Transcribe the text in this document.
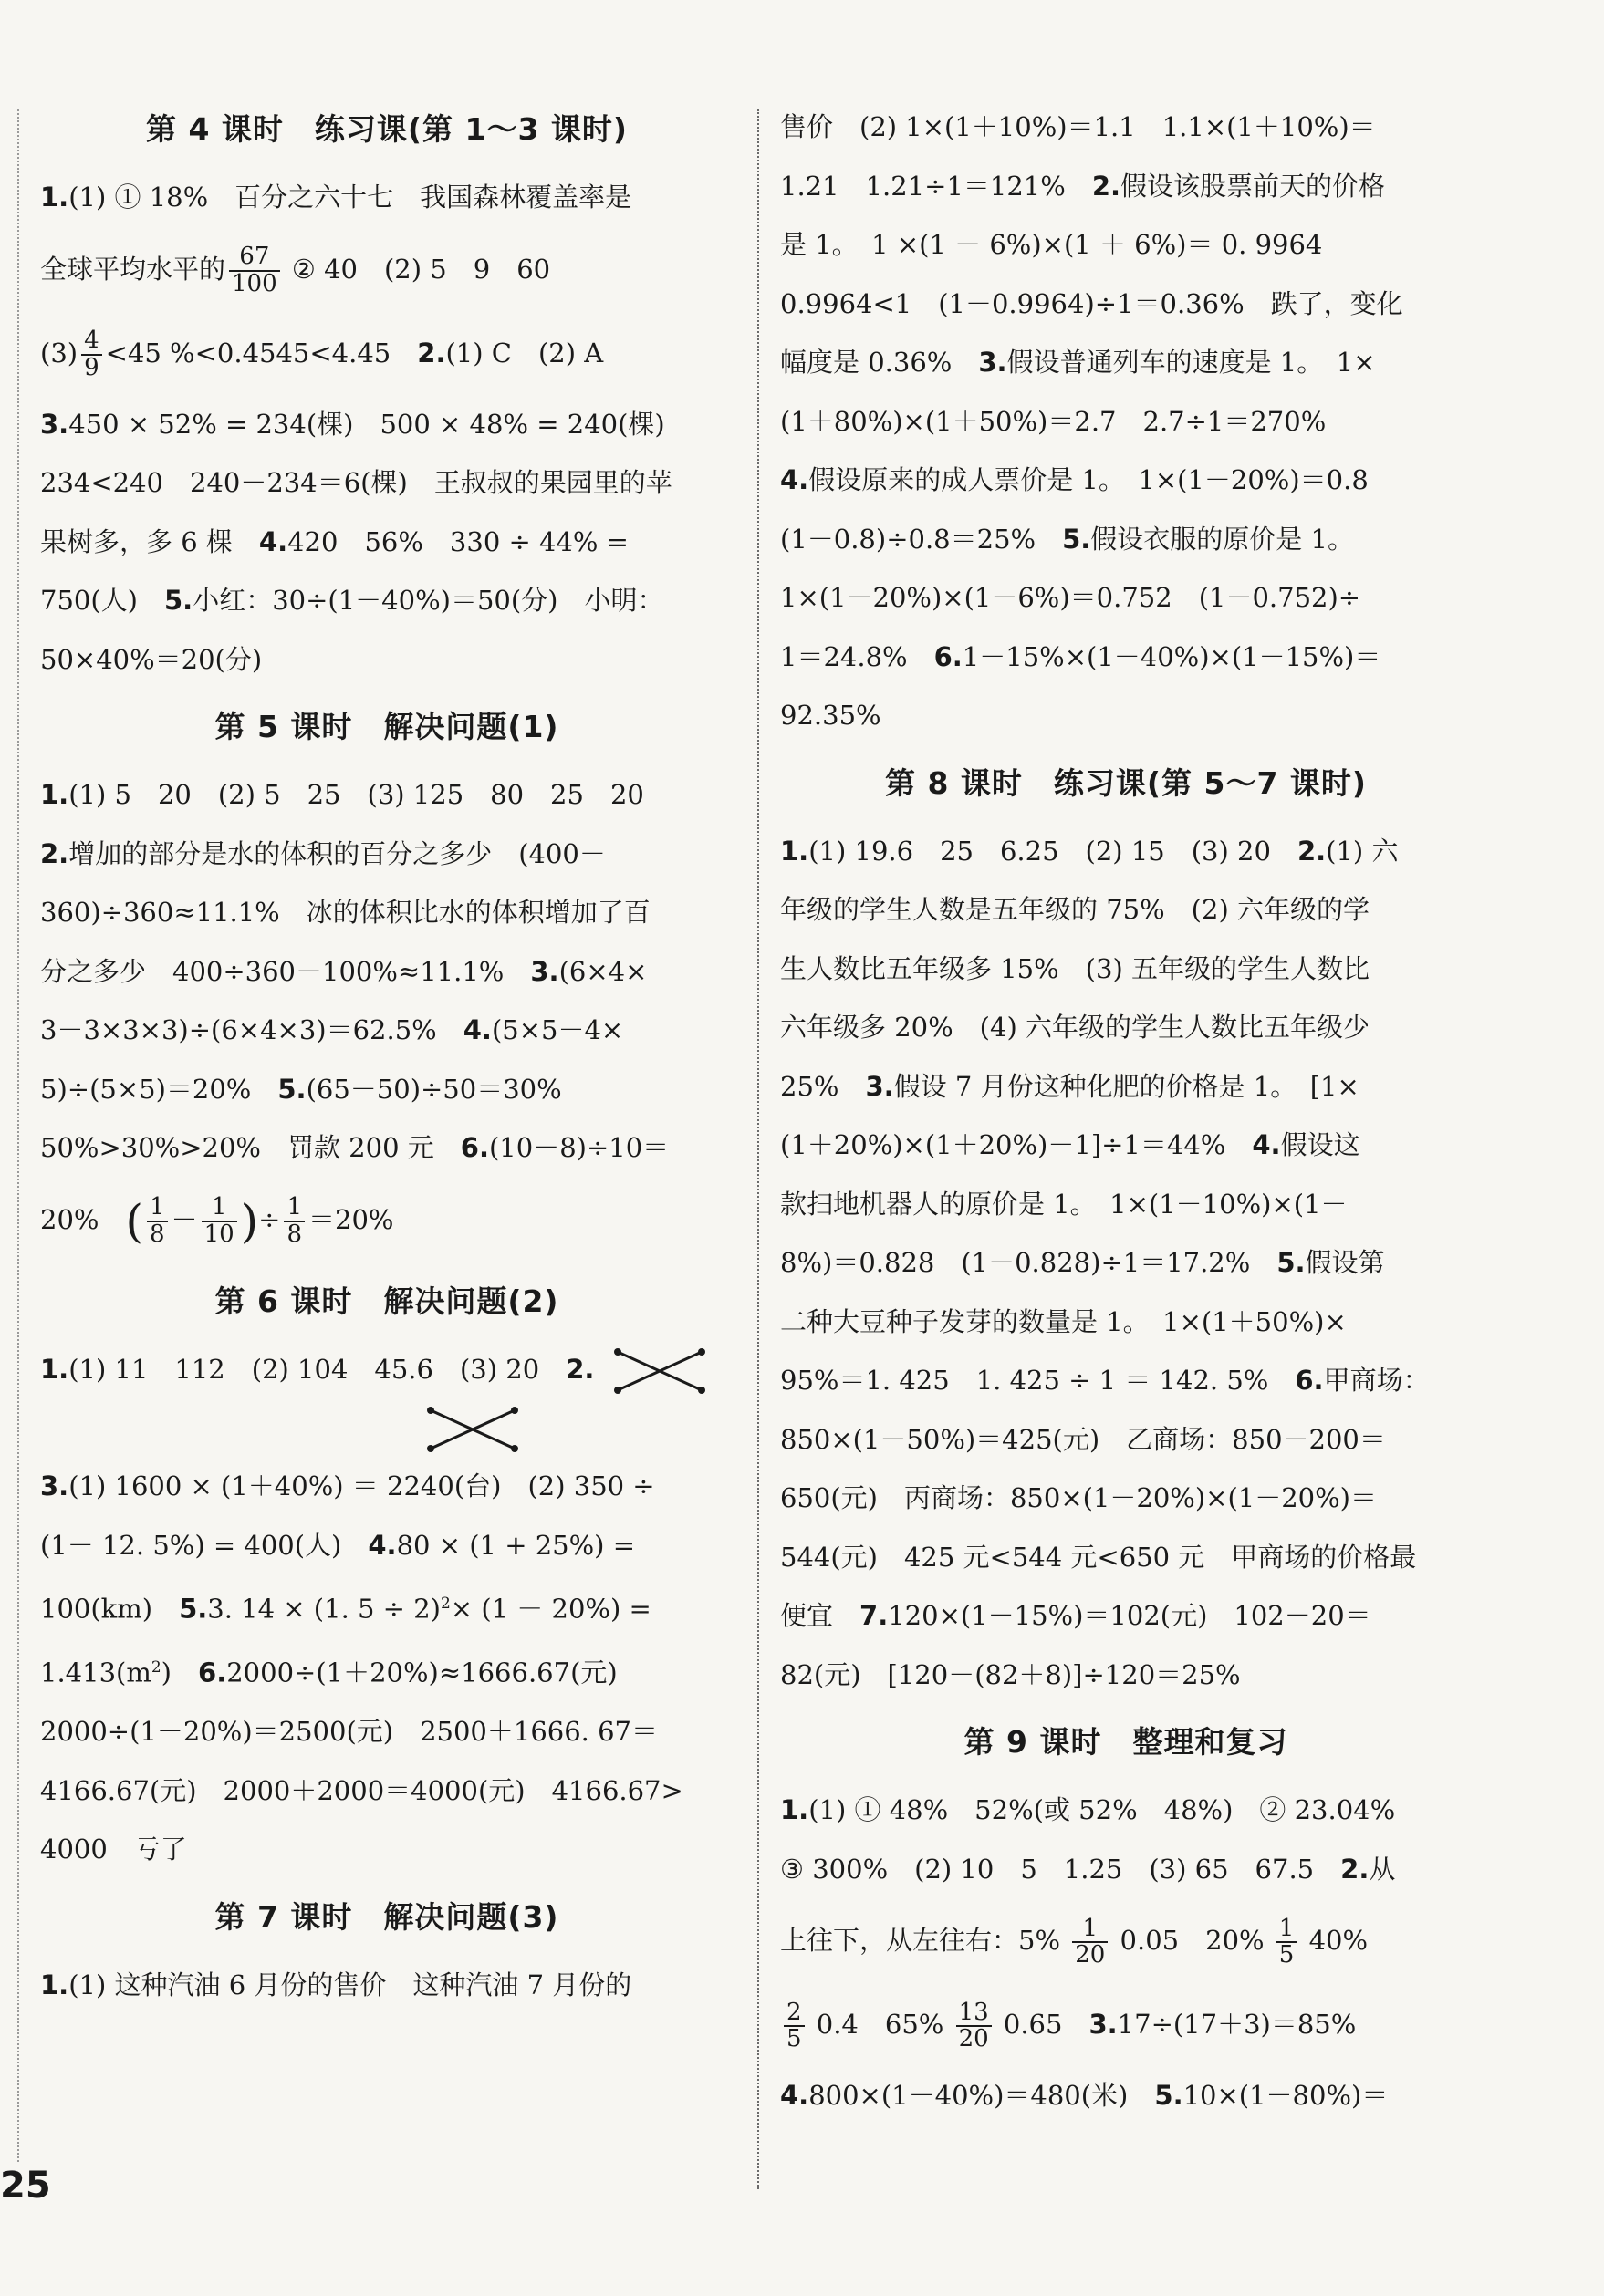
第 4 课时　练习课(第 1～3 课时)
1.(1) ① 18%　百分之六十七　我国森林覆盖率是
全球平均水平的 $\frac{67}{100}$ ② 40　(2) 5　9　60
$(3) \frac{4}{9} <45$ %<0.4545<4.45　 2.(1) C　(2) A
3.450 × 52% = 234(棵)　500 × 48% = 240(棵)
234<240　240－234＝6(棵)　王叔叔的果园里的苹
果树多，多 6 棵　 4.420　56%　330 ÷ 44% =
750(人)　 5.小红：30÷(1－40%)＝50(分)　小明：
50×40%＝20(分)
第 5 课时　解决问题(1)
1.(1) 5　20　(2) 5　25　(3) 125　80　25　20
2.增加的部分是水的体积的百分之多少　(400－
360)÷360≈11.1%　冰的体积比水的体积增加了百
分之多少　400÷360－100%≈11.1%　 3.(6×4×
3－3×3×3)÷(6×4×3)＝62.5%　 4.(5×5－4×
5)÷(5×5)＝20%　 5.(65－50)÷50＝30%
50%>30%>20%　罚款 200 元　 6.(10－8)÷10＝
20%　 ( $\frac{1}{8} - \frac{1}{10}$ )÷ $\frac{1}{8} =20\%$
第 6 课时　解决问题(2)
1.(1) 11　112　(2) 104　45.6　(3) 20　 2.
3.(1) 1600 × (1＋40%) ＝ 2240(台)　(2) 350 ÷
(1－ 12. 5%) = 400(人)　 4.80 × (1 + 25%) =
100(km)　 5.3. 14 × (1. 5 ÷ 2)$^2$× (1 － 20%) =
$1.413(m^2)$　 6.2000÷(1＋20%)≈1666.67(元)
2000÷(1－20%)＝2500(元)　2500＋1666. 67＝
4166.67(元)　2000＋2000＝4000(元)　4166.67>
4000　亏了
第 7 课时　解决问题(3)
1.(1) 这种汽油 6 月份的售价　这种汽油 7 月份的
售价　(2) 1×(1＋10%)＝1.1　1.1×(1＋10%)＝
1.21　1.21÷1＝121%　 2.假设该股票前天的价格
是 1。　1 ×(1 － 6%)×(1 ＋ 6%)＝ 0. 9964
0.9964<1　(1－0.9964)÷1＝0.36%　跌了，变化
幅度是 0.36%　 3.假设普通列车的速度是 1。　1×
(1＋80%)×(1＋50%)＝2.7　2.7÷1＝270%
4.假设原来的成人票价是 1。　1×(1－20%)＝0.8
(1－0.8)÷0.8＝25%　 5.假设衣服的原价是 1。
1×(1－20%)×(1－6%)＝0.752　(1－0.752)÷
1＝24.8%　 6.1－15%×(1－40%)×(1－15%)＝
92.35%
第 8 课时　练习课(第 5～7 课时)
1.(1) 19.6　25　6.25　(2) 15　(3) 20　 2.(1) 六
年级的学生人数是五年级的 75%　(2) 六年级的学
生人数比五年级多 15%　(3) 五年级的学生人数比
六年级多 20%　(4) 六年级的学生人数比五年级少
25%　 3.假设 7 月份这种化肥的价格是 1。　[1×
(1＋20%)×(1＋20%)－1]÷1＝44%　 4.假设这
款扫地机器人的原价是 1。　1×(1－10%)×(1－
8%)＝0.828　(1－0.828)÷1＝17.2%　 5.假设第
二种大豆种子发芽的数量是 1。　1×(1＋50%)×
95%＝1. 425　1. 425 ÷ 1 ＝ 142. 5%　 6.甲商场：
850×(1－50%)＝425(元)　乙商场：850－200＝
650(元)　丙商场：850×(1－20%)×(1－20%)＝
544(元)　425 元<544 元<650 元　甲商场的价格最
便宜　 7.120×(1－15%)＝102(元)　102－20＝
82(元)　[120－(82＋8)]÷120＝25%
第 9 课时　整理和复习
1.(1) ① 48%　52%(或 52%　48%)　② 23.04%
③ 300%　(2) 10　5　1.25　(3) 65　67.5　 2.从
上往下，从左往右：$5\% \frac{1}{20} 0.05$　$20\% \frac{1}{5} 40\%$
$\frac{2}{5} 0.4$　$65\% \frac{13}{20} 0.65$　 3.17÷(17＋3)＝85%
4.800×(1－40%)＝480(米)　 5.10×(1－80%)＝
25
